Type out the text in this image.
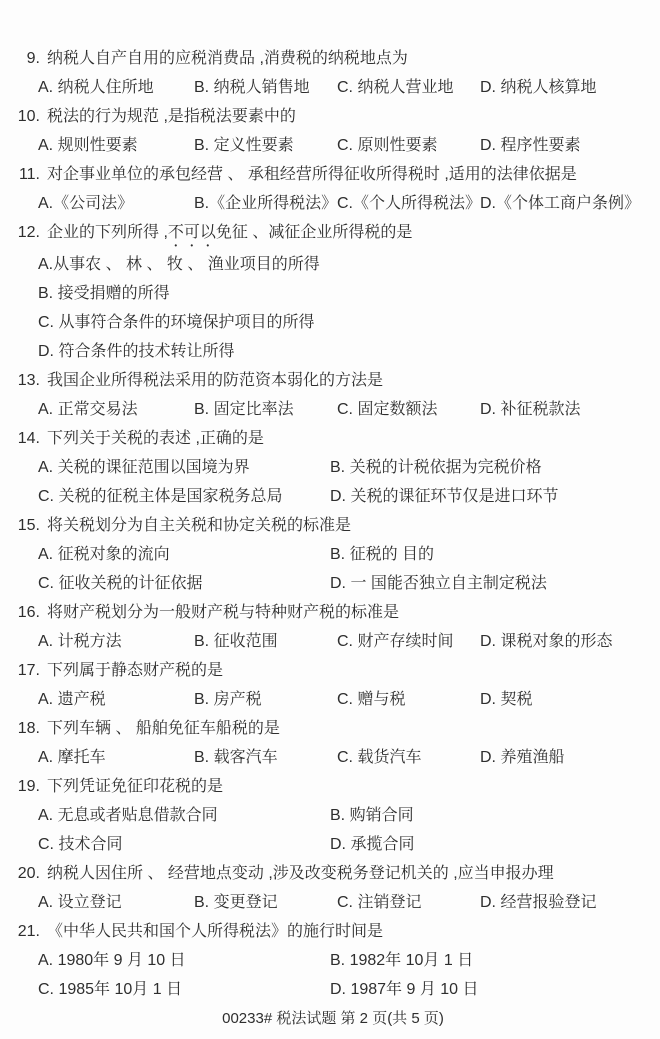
9. 纳税人自产自用的应税消费品 ,消费税的纳税地点为
A. 纳税人住所地	B. 纳税人销售地	C. 纳税人营业地	D. 纳税人核算地
10. 税法的行为规范 ,是指税法要素中的
A. 规则性要素	B. 定义性要素	C. 原则性要素	D. 程序性要素
11. 对企事业单位的承包经营 、 承租经营所得征收所得税时 ,适用的法律依据是
A.《公司法》	B.《企业所得税法》 C.《个人所得税法》
D.《个体工商户条例》
12. 企业的下列所得 ,不可以免征 、减征企业所得税的是
A.从事农 、 林 、 牧 、 渔业项目的所得
B. 接受捐赠的所得
C. 从事符合条件的环境保护项目的所得
D. 符合条件的技术转让所得
13. 我国企业所得税法采用的防范资本弱化的方法是
A. 正常交易法	B. 固定比率法	C. 固定数额法	D. 补征税款法
14. 下列关于关税的表述 ,正确的是
A. 关税的课征范围以国境为界	B. 关税的计税依据为完税价格
C. 关税的征税主体是国家税务总局	D. 关税的课征环节仅是进口环节
15. 将关税划分为自主关税和协定关税的标准是
A. 征税对象的流向	B. 征税的 目的
C. 征收关税的计征依据	D. 一 国能否独立自主制定税法
16. 将财产税划分为一般财产税与特种财产税的标准是
A. 计税方法	B. 征收范围	C. 财产存续时间	D. 课税对象的形态
17. 下列属于静态财产税的是
A. 遗产税	B. 房产税	C. 赠与税	D. 契税
18. 下列车辆 、 船舶免征车船税的是
A. 摩托车	B. 载客汽车	C. 载货汽车	D. 养殖渔船
19. 下列凭证免征印花税的是
A. 无息或者贴息借款合同	B. 购销合同
C. 技术合同	D. 承揽合同
20. 纳税人因住所 、 经营地点变动 ,涉及改变税务登记机关的 ,应当申报办理
A. 设立登记	B. 变更登记	C. 注销登记	D. 经营报验登记
21. 《中华人民共和国个人所得税法》的施行时间是
A. 1980年 9 月 10 日	B. 1982年 10月 1 日
C. 1985年 10月 1 日	D. 1987年 9 月 10 日
00233# 税法试题 第 2 页(共 5 页)
